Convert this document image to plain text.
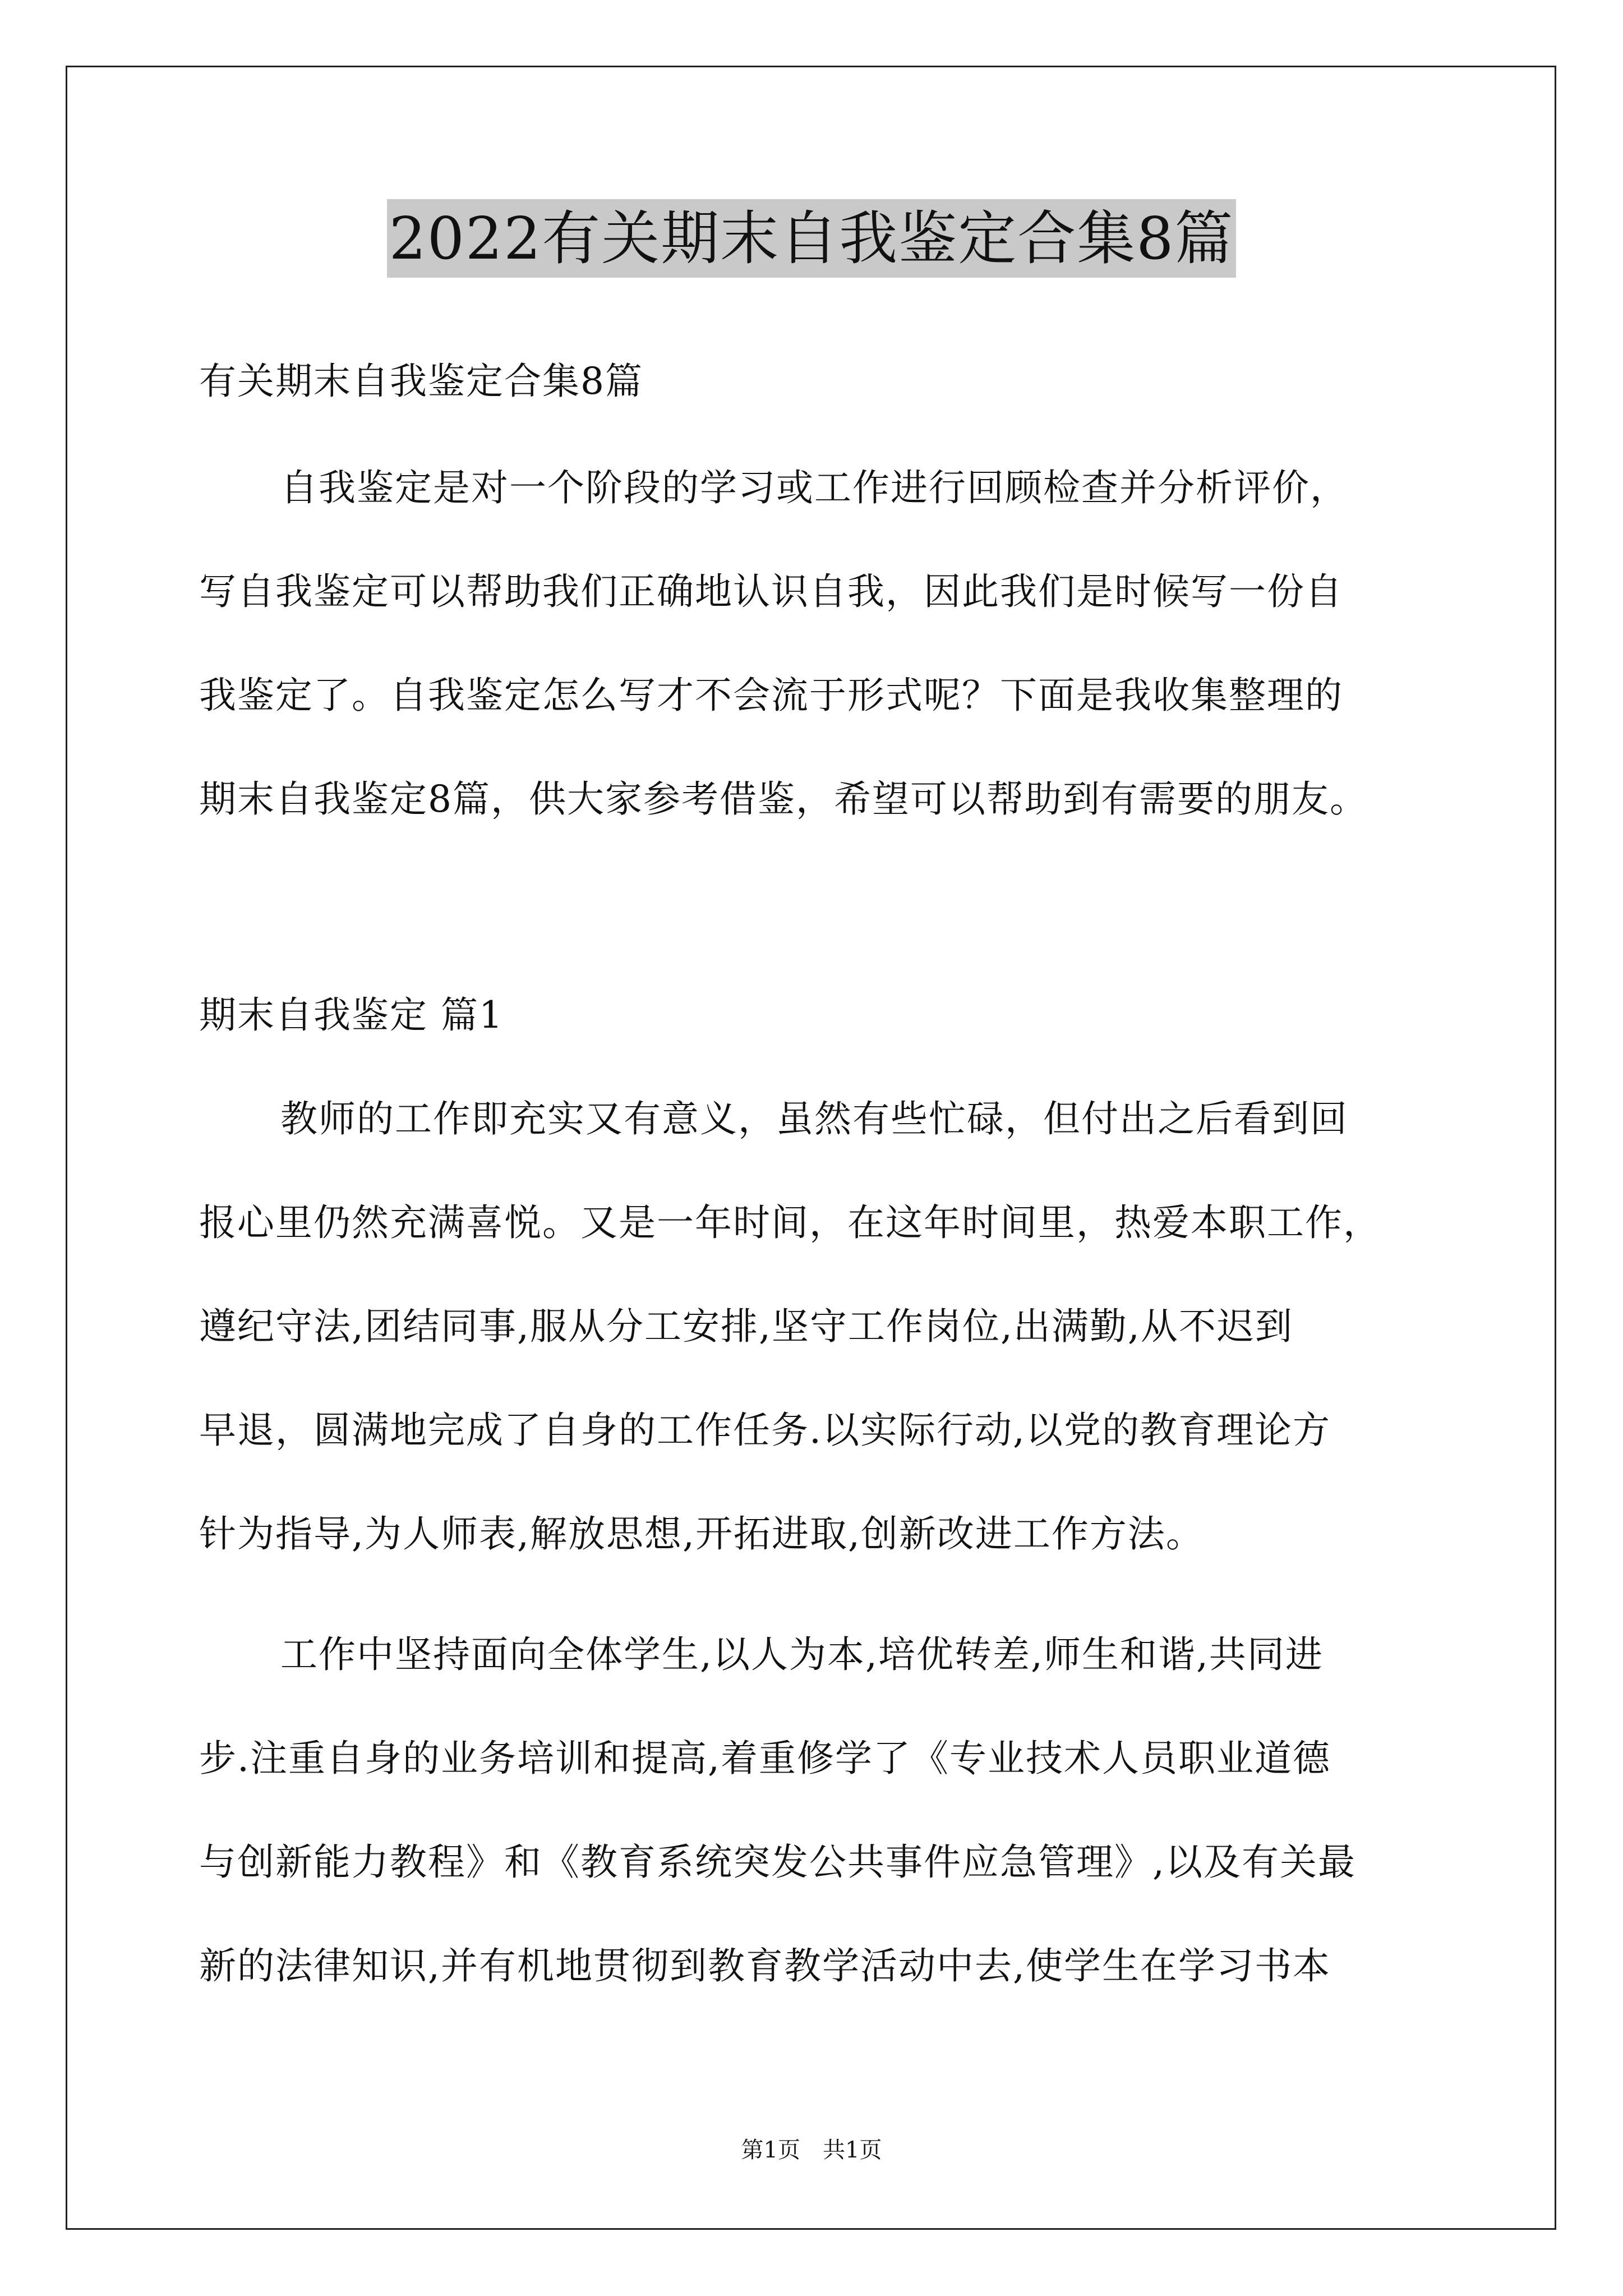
2022有关期末自我鉴定合集8篇
有关期末自我鉴定合集8篇
自我鉴定是对一个阶段的学习或工作进行回顾检查并分析评价，
写自我鉴定可以帮助我们正确地认识自我，因此我们是时候写一份自
我鉴定了。自我鉴定怎么写才不会流于形式呢？下面是我收集整理的
期末自我鉴定8篇，供大家参考借鉴，希望可以帮助到有需要的朋友。
期末自我鉴定 篇1
教师的工作即充实又有意义，虽然有些忙碌，但付出之后看到回
报心里仍然充满喜悦。又是一年时间，在这年时间里，热爱本职工作，
遵纪守法,团结同事,服从分工安排,坚守工作岗位,出满勤,从不迟到
早退，圆满地完成了自身的工作任务.以实际行动,以党的教育理论方
针为指导,为人师表,解放思想,开拓进取,创新改进工作方法。
工作中坚持面向全体学生,以人为本,培优转差,师生和谐,共同进
步.注重自身的业务培训和提高,着重修学了《专业技术人员职业道德
与创新能力教程》和《教育系统突发公共事件应急管理》,以及有关最
新的法律知识,并有机地贯彻到教育教学活动中去,使学生在学习书本
第1页 共1页
